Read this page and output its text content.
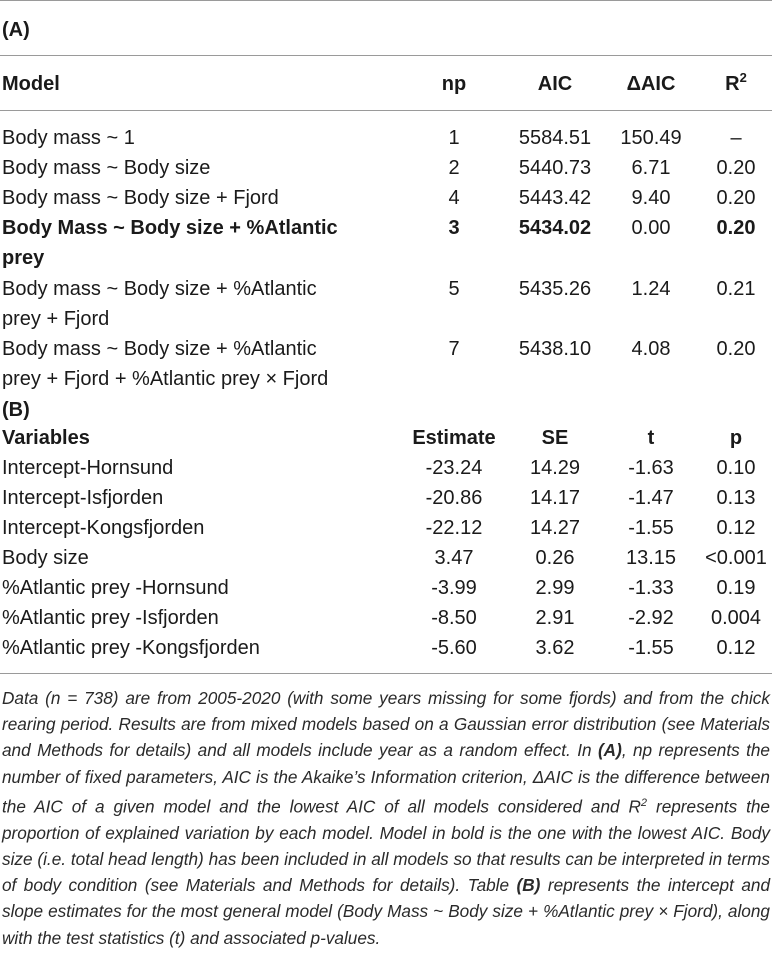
(A)
Model	np	AIC	ΔAIC	$R^2$
Body mass ~ 1	1	5584.51	150.49	–
Body mass ~ Body size	2	5440.73	6.71	0.20
Body mass ~ Body size + Fjord	4	5443.42	9.40	0.20
Body Mass ~ Body size + %Atlantic
prey
3	5434.02	0.00	0.20
Body mass ~ Body size + %Atlantic
prey + Fjord
5	5435.26	1.24	0.21
Body mass ~ Body size + %Atlantic
prey + Fjord + %Atlantic prey × Fjord
7	5438.10	4.08	0.20
(B)
Variables	Estimate	SE	t	p
Intercept-Hornsund	-23.24	14.29	-1.63	0.10
Intercept-Isfjorden	-20.86	14.17	-1.47	0.13
Intercept-Kongsfjorden	-22.12	14.27	-1.55	0.12
Body size	3.47	0.26	13.15	<0.001
%Atlantic prey -Hornsund	-3.99	2.99	-1.33	0.19
%Atlantic prey -Isfjorden	-8.50	2.91	-2.92	0.004
%Atlantic prey -Kongsfjorden	-5.60	3.62	-1.55	0.12
Data (n = 738) are from 2005-2020 (with some years missing for some fjords) and from the chick rearing period. Results are from mixed models based on a Gaussian error distribution (see Materials and Methods for details) and all models include year as a random effect. In (A), np represents the number of fixed parameters, AIC is the Akaike’s Information criterion, ΔAIC is the difference between the AIC of a given model and the lowest AIC of all models considered and $R^2$ represents the proportion of explained variation by each model. Model in bold is the one with the lowest AIC. Body size (i.e. total head length) has been included in all models so that results can be interpreted in terms of body condition (see Materials and Methods for details). Table (B) represents the intercept and slope estimates for the most general model (Body Mass ~ Body size + %Atlantic prey × Fjord), along with the test statistics (t) and associated p-values.
